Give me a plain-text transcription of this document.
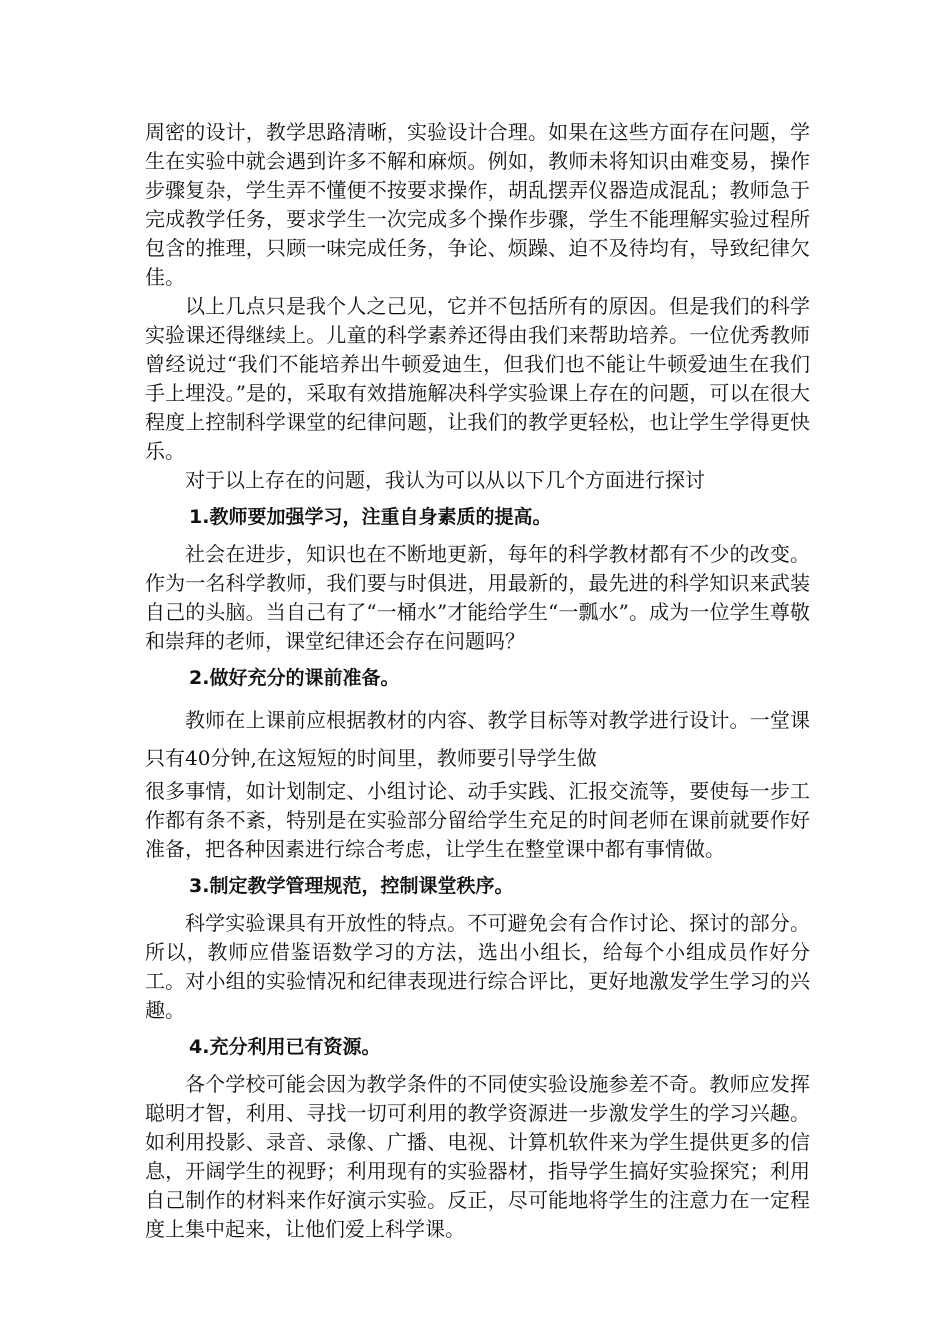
周密的设计，教学思路清晰，实验设计合理。如果在这些方面存在问题，学生在实验中就会遇到许多不解和麻烦。例如，教师未将知识由难变易，操作步骤复杂，学生弄不懂便不按要求操作，胡乱摆弄仪器造成混乱；教师急于完成教学任务，要求学生一次完成多个操作步骤，学生不能理解实验过程所包含的推理，只顾一味完成任务，争论、烦躁、迫不及待均有，导致纪律欠佳。

以上几点只是我个人之己见，它并不包括所有的原因。但是我们的科学实验课还得继续上。儿童的科学素养还得由我们来帮助培养。一位优秀教师曾经说过“我们不能培养出牛顿爱迪生，但我们也不能让牛顿爱迪生在我们手上埋没。”是的，采取有效措施解决科学实验课上存在的问题，可以在很大程度上控制科学课堂的纪律问题，让我们的教学更轻松，也让学生学得更快乐。

对于以上存在的问题，我认为可以从以下几个方面进行探讨

1.教师要加强学习，注重自身素质的提高。

社会在进步，知识也在不断地更新，每年的科学教材都有不少的改变。作为一名科学教师，我们要与时俱进，用最新的，最先进的科学知识来武装自己的头脑。当自己有了“一桶水”才能给学生“一瓢水”。成为一位学生尊敬和崇拜的老师，课堂纪律还会存在问题吗？

2.做好充分的课前准备。

教师在上课前应根据教材的内容、教学目标等对教学进行设计。一堂课只有40分钟,在这短短的时间里，教师要引导学生做

很多事情，如计划制定、小组讨论、动手实践、汇报交流等，要使每一步工作都有条不紊，特别是在实验部分留给学生充足的时间老师在课前就要作好准备，把各种因素进行综合考虑，让学生在整堂课中都有事情做。

3.制定教学管理规范，控制课堂秩序。

科学实验课具有开放性的特点。不可避免会有合作讨论、探讨的部分。所以，教师应借鉴语数学习的方法，选出小组长，给每个小组成员作好分工。对小组的实验情况和纪律表现进行综合评比，更好地激发学生学习的兴趣。

4.充分利用已有资源。

各个学校可能会因为教学条件的不同使实验设施参差不奇。教师应发挥聪明才智，利用、寻找一切可利用的教学资源进一步激发学生的学习兴趣。如利用投影、录音、录像、广播、电视、计算机软件来为学生提供更多的信息，开阔学生的视野；利用现有的实验器材，指导学生搞好实验探究；利用自己制作的材料来作好演示实验。反正，尽可能地将学生的注意力在一定程度上集中起来，让他们爱上科学课。
